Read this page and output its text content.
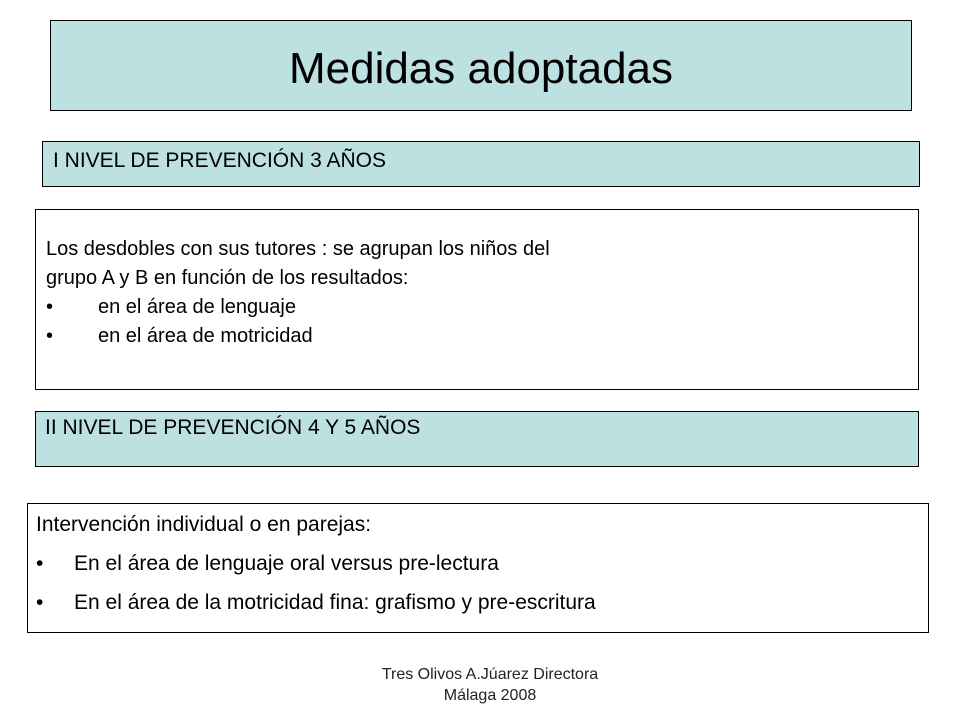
Medidas adoptadas
I NIVEL DE PREVENCIÓN 3 AÑOS
Los desdobles con sus tutores : se agrupan los niños del
grupo A y B en función de los resultados:
• en el área de lenguaje
• en el área de motricidad
II NIVEL DE PREVENCIÓN 4 Y 5 AÑOS
Intervención individual o en parejas:
• En el área de lenguaje oral versus pre-lectura
• En el área de la motricidad fina: grafismo y pre-escritura
Tres Olivos A.Júarez Directora
Málaga 2008
